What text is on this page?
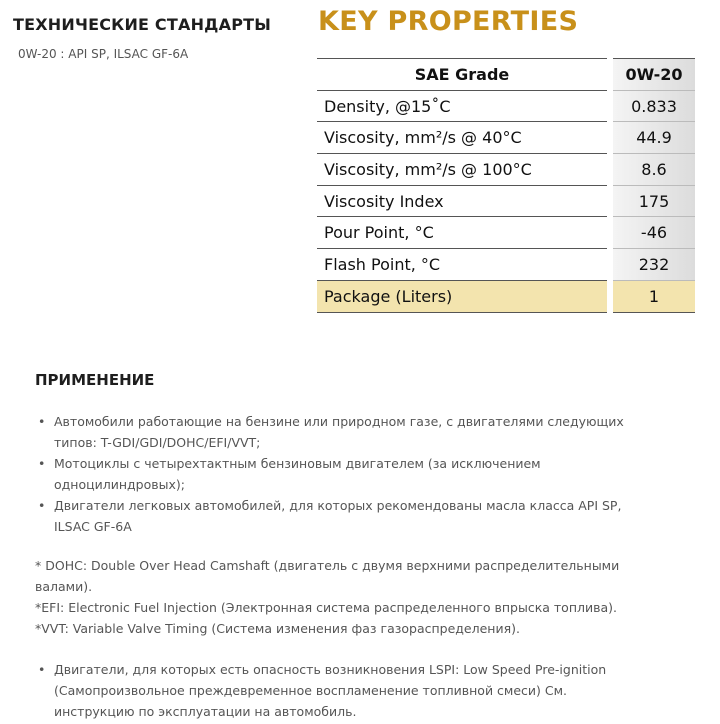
ТЕХНИЧЕСКИЕ СТАНДАРТЫ
0W-20 : API SP, ILSAC GF-6A
KEY PROPERTIES
SAE Grade	0W-20
Density, @15˚C	0.833
Viscosity, mm²/s @ 40°C	44.9
Viscosity, mm²/s @ 100°C	8.6
Viscosity Index	175
Pour Point, °C	-46
Flash Point, °C	232
Package (Liters)	1
ПРИМЕНЕНИЕ
• Автомобили работающие на бензине или природном газе, с двигателями следующих типов: T-GDI/GDI/DOHC/EFI/VVT;
• Мотоциклы с четырехтактным бензиновым двигателем (за исключением одноцилиндровых);
• Двигатели легковых автомобилей, для которых рекомендованы масла класса API SP, ILSAC GF-6A

* DOHC: Double Over Head Camshaft (двигатель с двумя верхними распределительными валами).

*EFI: Electronic Fuel Injection (Электронная система распределенного впрыска топлива).

*VVT: Variable Valve Timing (Система изменения фаз газораспределения).

• Двигатели, для которых есть опасность возникновения LSPI: Low Speed Pre-ignition (Самопроизвольное преждевременное воспламенение топливной смеси) См. инструкцию по эксплуатации на автомобиль.
